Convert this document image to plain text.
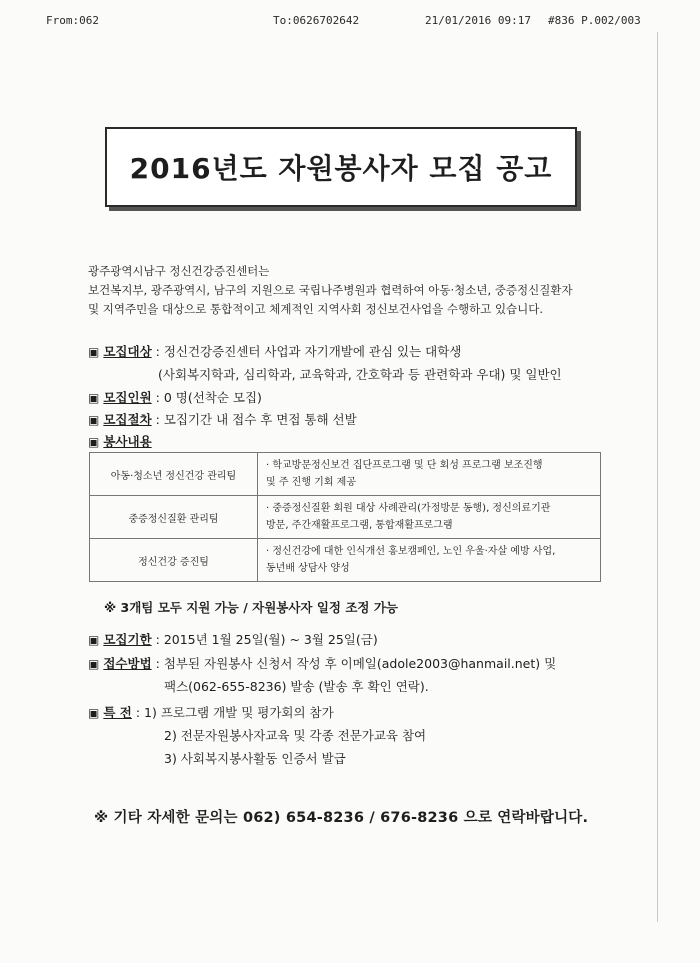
From:062	To:0626702642	21/01/2016 09:17 #836 P.002/003
2016년도 자원봉사자 모집 공고
광주광역시남구 정신건강증진센터는
보건복지부, 광주광역시, 남구의 지원으로 국립나주병원과 협력하여 아동·청소년, 중증정신질환자
및 지역주민을 대상으로 통합적이고 체계적인 지역사회 정신보건사업을 수행하고 있습니다.
▣ 모집대상 : 정신건강증진센터 사업과 자기개발에 관심 있는 대학생
(사회복지학과, 심리학과, 교육학과, 간호학과 등 관련학과 우대) 및 일반인
▣ 모집인원 : 0 명(선착순 모집)
▣ 모집절차 : 모집기간 내 접수 후 면접 통해 선발
▣ 봉사내용
아동·청소년 정신건강 관리팀	· 학교방문정신보건 집단프로그램 및 단 회성 프로그램 보조진행
및 주 진행 기회 제공

중증정신질환 관리팀	· 중증정신질환 회원 대상 사례관리(가정방문 동행), 정신의료기관
방문, 주간재활프로그램, 통합재활프로그램

정신건강 증진팀	· 정신건강에 대한 인식개선 홍보캠페인, 노인 우울·자살 예방 사업,
동년배 상담사 양성
※ 3개팀 모두 지원 가능 / 자원봉사자 일정 조정 가능
▣ 모집기한 : 2015년 1월 25일(월) ~ 3월 25일(금)
▣ 접수방법 : 첨부된 자원봉사 신청서 작성 후 이메일(adole2003@hanmail.net) 및
팩스(062-655-8236) 발송 (발송 후 확인 연락).
▣ 특 전 : 1) 프로그램 개발 및 평가회의 참가
2) 전문자원봉사자교육 및 각종 전문가교육 참여
3) 사회복지봉사활동 인증서 발급
※ 기타 자세한 문의는 062) 654-8236 / 676-8236 으로 연락바랍니다.
